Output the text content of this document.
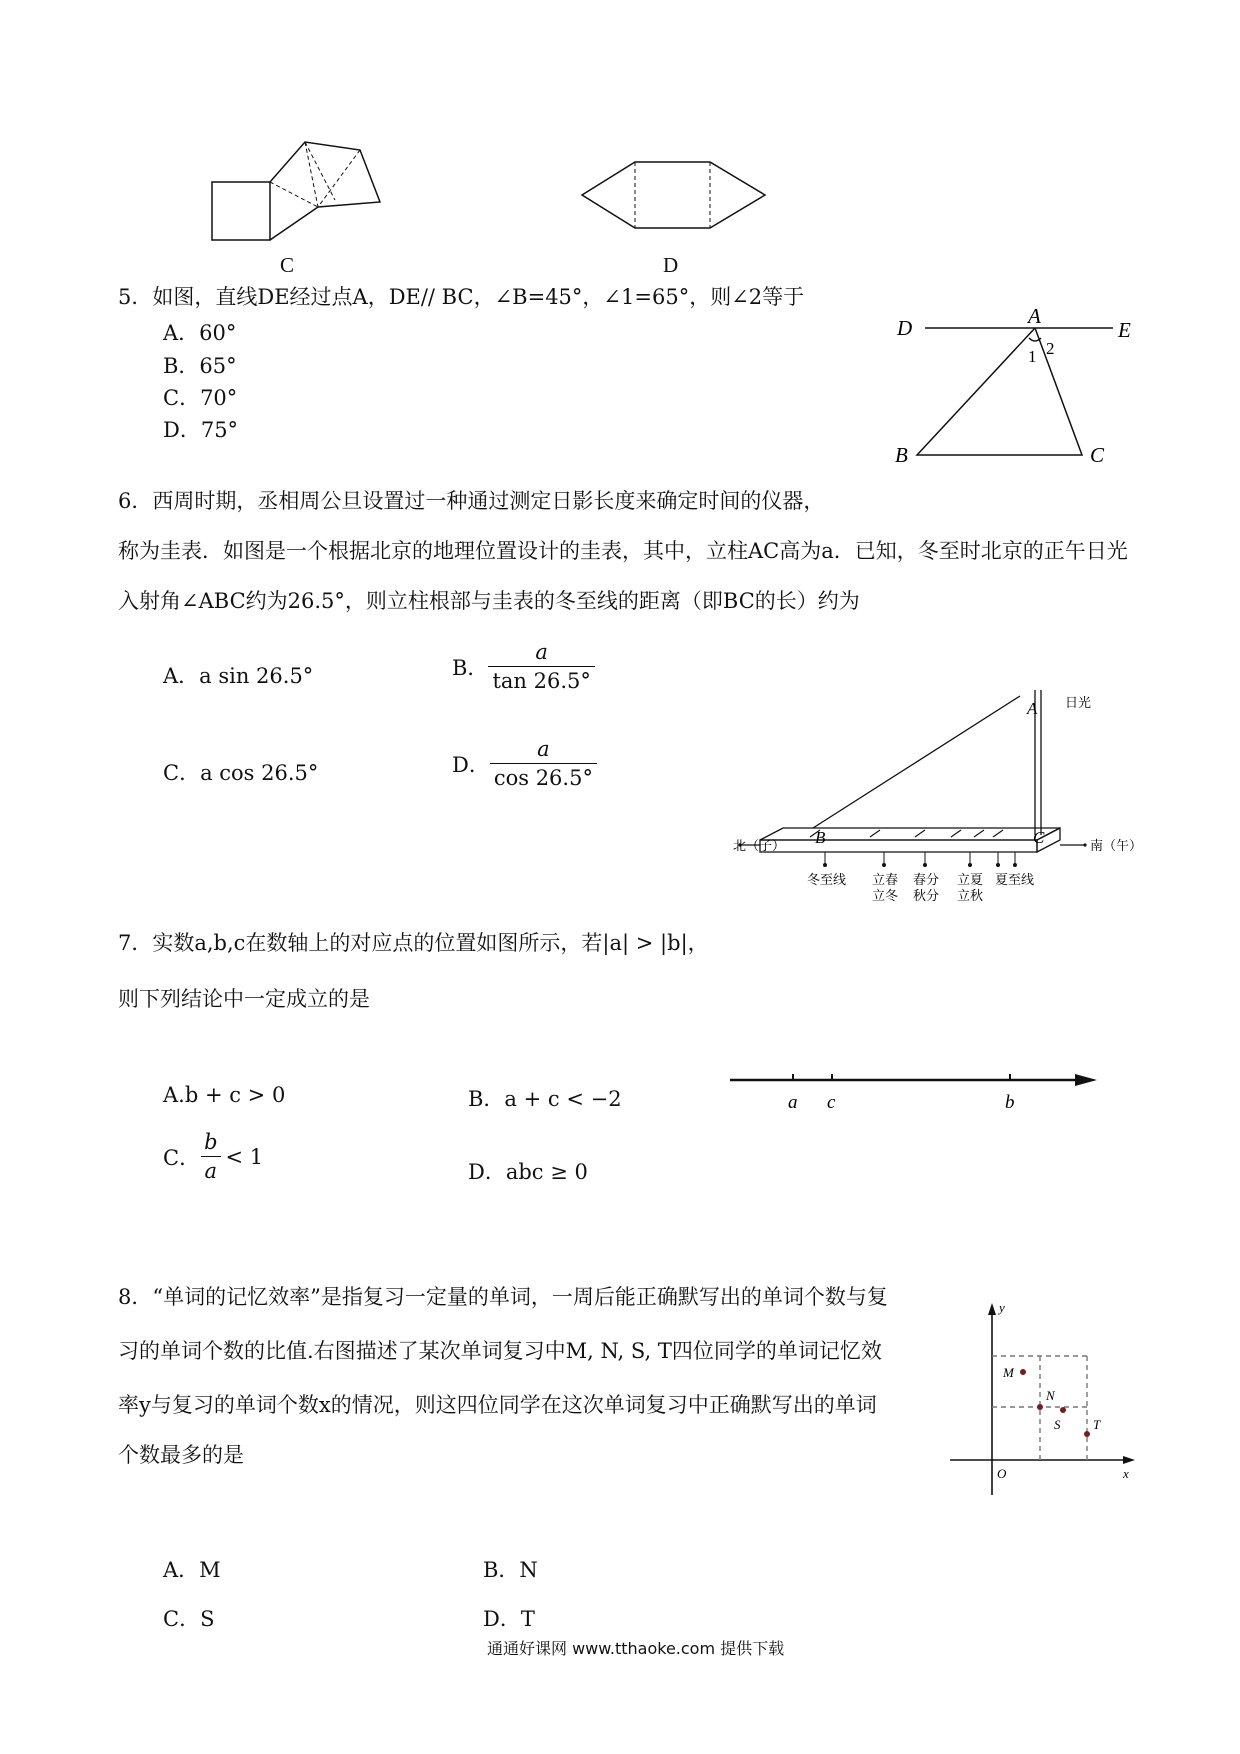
C	D
5．如图，直线DE经过点A，DE// BC，∠B=45°，∠1=65°，则∠2等于
A．60°
B．65°
C．70°
D．75°
D	A
E
1 2
B	C
6．西周时期，丞相周公旦设置过一种通过测定日影长度来确定时间的仪器，
称为圭表．如图是一个根据北京的地理位置设计的圭表，其中，立柱AC高为a．已知，冬至时北京的正午日光
入射角∠ABC约为26.5°，则立柱根部与圭表的冬至线的距离（即BC的长）约为
A．a sin 26.5°	B． $\frac{a}{\tan 26.5^\circ}$
C．a cos 26.5°	D． $\frac{a}{\cos 26.5^\circ}$
A
B	C
日光
北（子）	南（午）
冬至线 立春
立冬
春分
秋分
立夏
立秋
夏至线
7．实数a,b,c在数轴上的对应点的位置如图所示，若|a| > |b|，
则下列结论中一定成立的是
A.b + c > 0	B．a + c < −2
C． $\frac{b}{a} < 1$
D．abc ≥ 0
a c	b
8．“单词的记忆效率”是指复习一定量的单词，一周后能正确默写出的单词个数与复
习的单词个数的比值.右图描述了某次单词复习中M, N, S, T四位同学的单词记忆效
率y与复习的单词个数x的情况，则这四位同学在这次单词复习中正确默写出的单词
个数最多的是
y
x
O
M
N
S	T
A．M	B．N
C．S	D．T
通通好课网 www.tthaoke.com 提供下载
